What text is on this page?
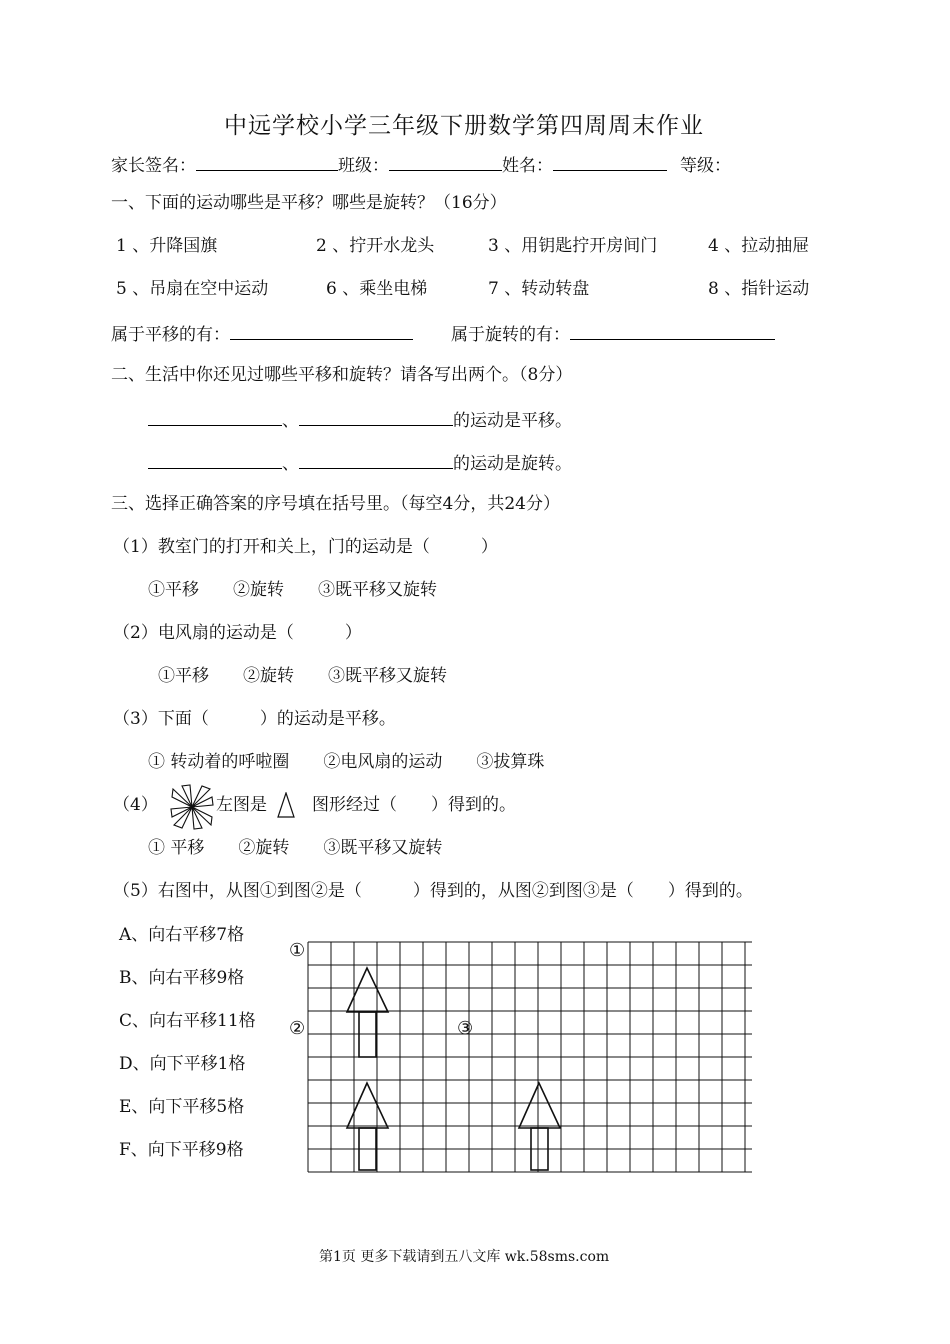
中远学校小学三年级下册数学第四周周末作业
家长签名：	班级：	姓名：	等级：
一、下面的运动哪些是平移？哪些是旋转？（16分）
1 、升降国旗	2 、拧开水龙头	3 、用钥匙拧开房间门	4 、拉动抽屉
5 、吊扇在空中运动	6 、乘坐电梯	7 、转动转盘	8 、指针运动
属于平移的有：	属于旋转的有：
二、生活中你还见过哪些平移和旋转？请各写出两个。（8分）
、	的运动是平移。
、	的运动是旋转。
三、选择正确答案的序号填在括号里。（每空4分，共24分）
（1）教室门的打开和关上，门的运动是（　　　）
①平移　　②旋转　　③既平移又旋转
（2）电风扇的运动是（　　　）
①平移　　②旋转　　③既平移又旋转
（3）下面（　　　）的运动是平移。
① 转动着的呼啦圈　　②电风扇的运动　　③拔算珠
（4）	左图是	图形经过（　　）得到的。
① 平移　　②旋转　　③既平移又旋转
（5）右图中，从图①到图②是（　　　）得到的，从图②到图③是（　　）得到的。
A、向右平移7格
B、向右平移9格
C、向右平移11格
D、向下平移1格
E、向下平移5格
F、向下平移9格
①
②	③
第1页 更多下载请到五八文库 wk.58sms.com
